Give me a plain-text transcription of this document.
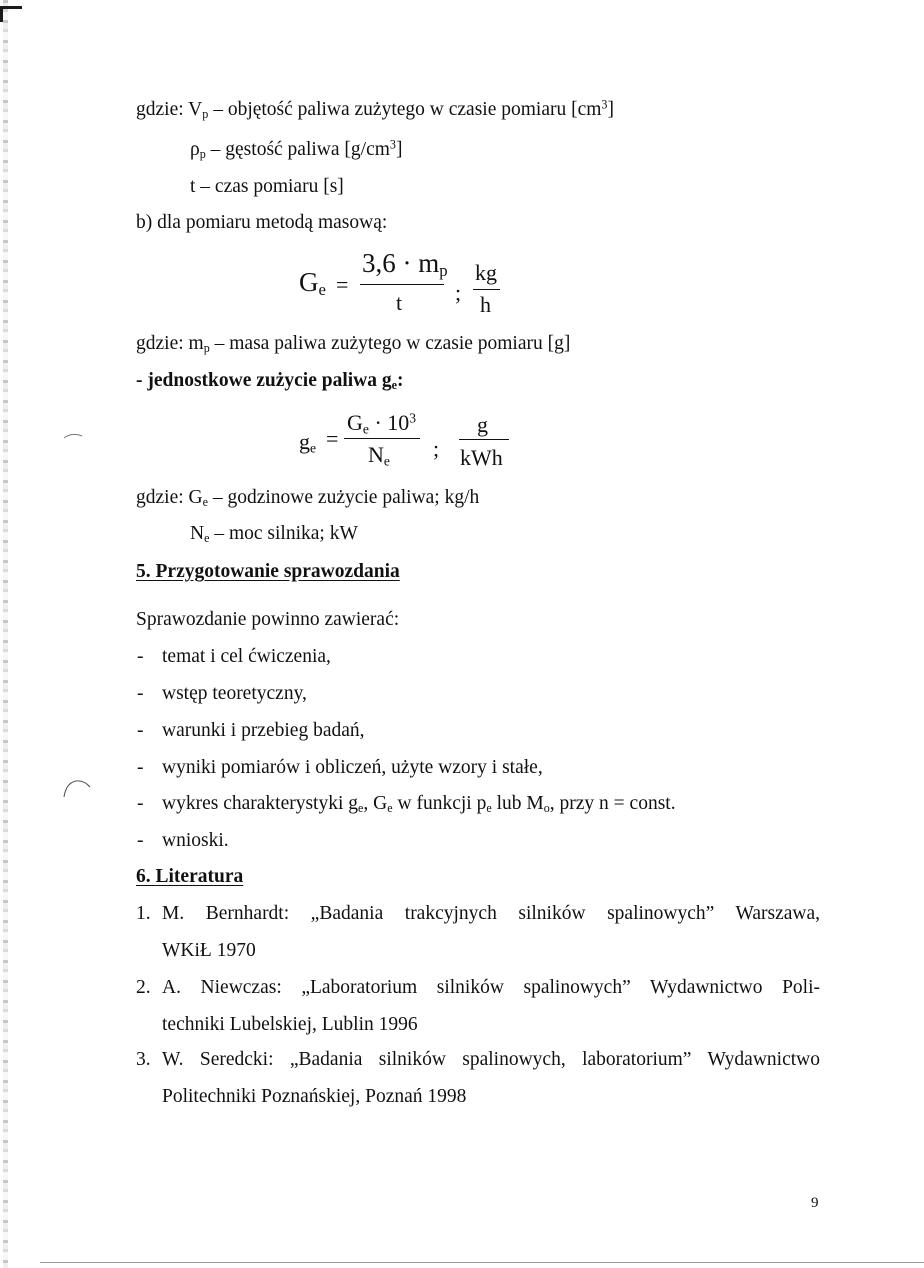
gdzie: $V_p$ – objętość paliwa zużytego w czasie pomiaru $[cm^3]$
$\rho_p$ – gęstość paliwa $[g/cm^3]$
t – czas pomiaru [s]
b) dla pomiaru metodą masową:
$G_e$ =
$3,6 \cdot m_p$
t ;
kg
h
gdzie: $m_p$ – masa paliwa zużytego w czasie pomiaru [g]
- jednostkowe zużycie paliwa $g_e$:
$g_e$ =
$G_e \cdot 10^3$
$N_e$ ;
g
kWh
gdzie: $G_e$ – godzinowe zużycie paliwa; kg/h
$N_e$ – moc silnika; kW
5. Przygotowanie sprawozdania
Sprawozdanie powinno zawierać:
- temat i cel ćwiczenia,
- wstęp teoretyczny,
- warunki i przebieg badań,
- wyniki pomiarów i obliczeń, użyte wzory i stałe,
- wykres charakterystyki $g_e$, $G_e$ w funkcji $p_e$ lub $M_o$, przy n = const.
- wnioski.
6. Literatura
1. M. Bernhardt: „Badania trakcyjnych silników spalinowych” Warszawa,
WKiŁ 1970
2. A. Niewczas: „Laboratorium silników spalinowych” Wydawnictwo Poli-
techniki Lubelskiej, Lublin 1996
3. W. Seredcki: „Badania silników spalinowych, laboratorium” Wydawnictwo
Politechniki Poznańskiej, Poznań 1998
9
